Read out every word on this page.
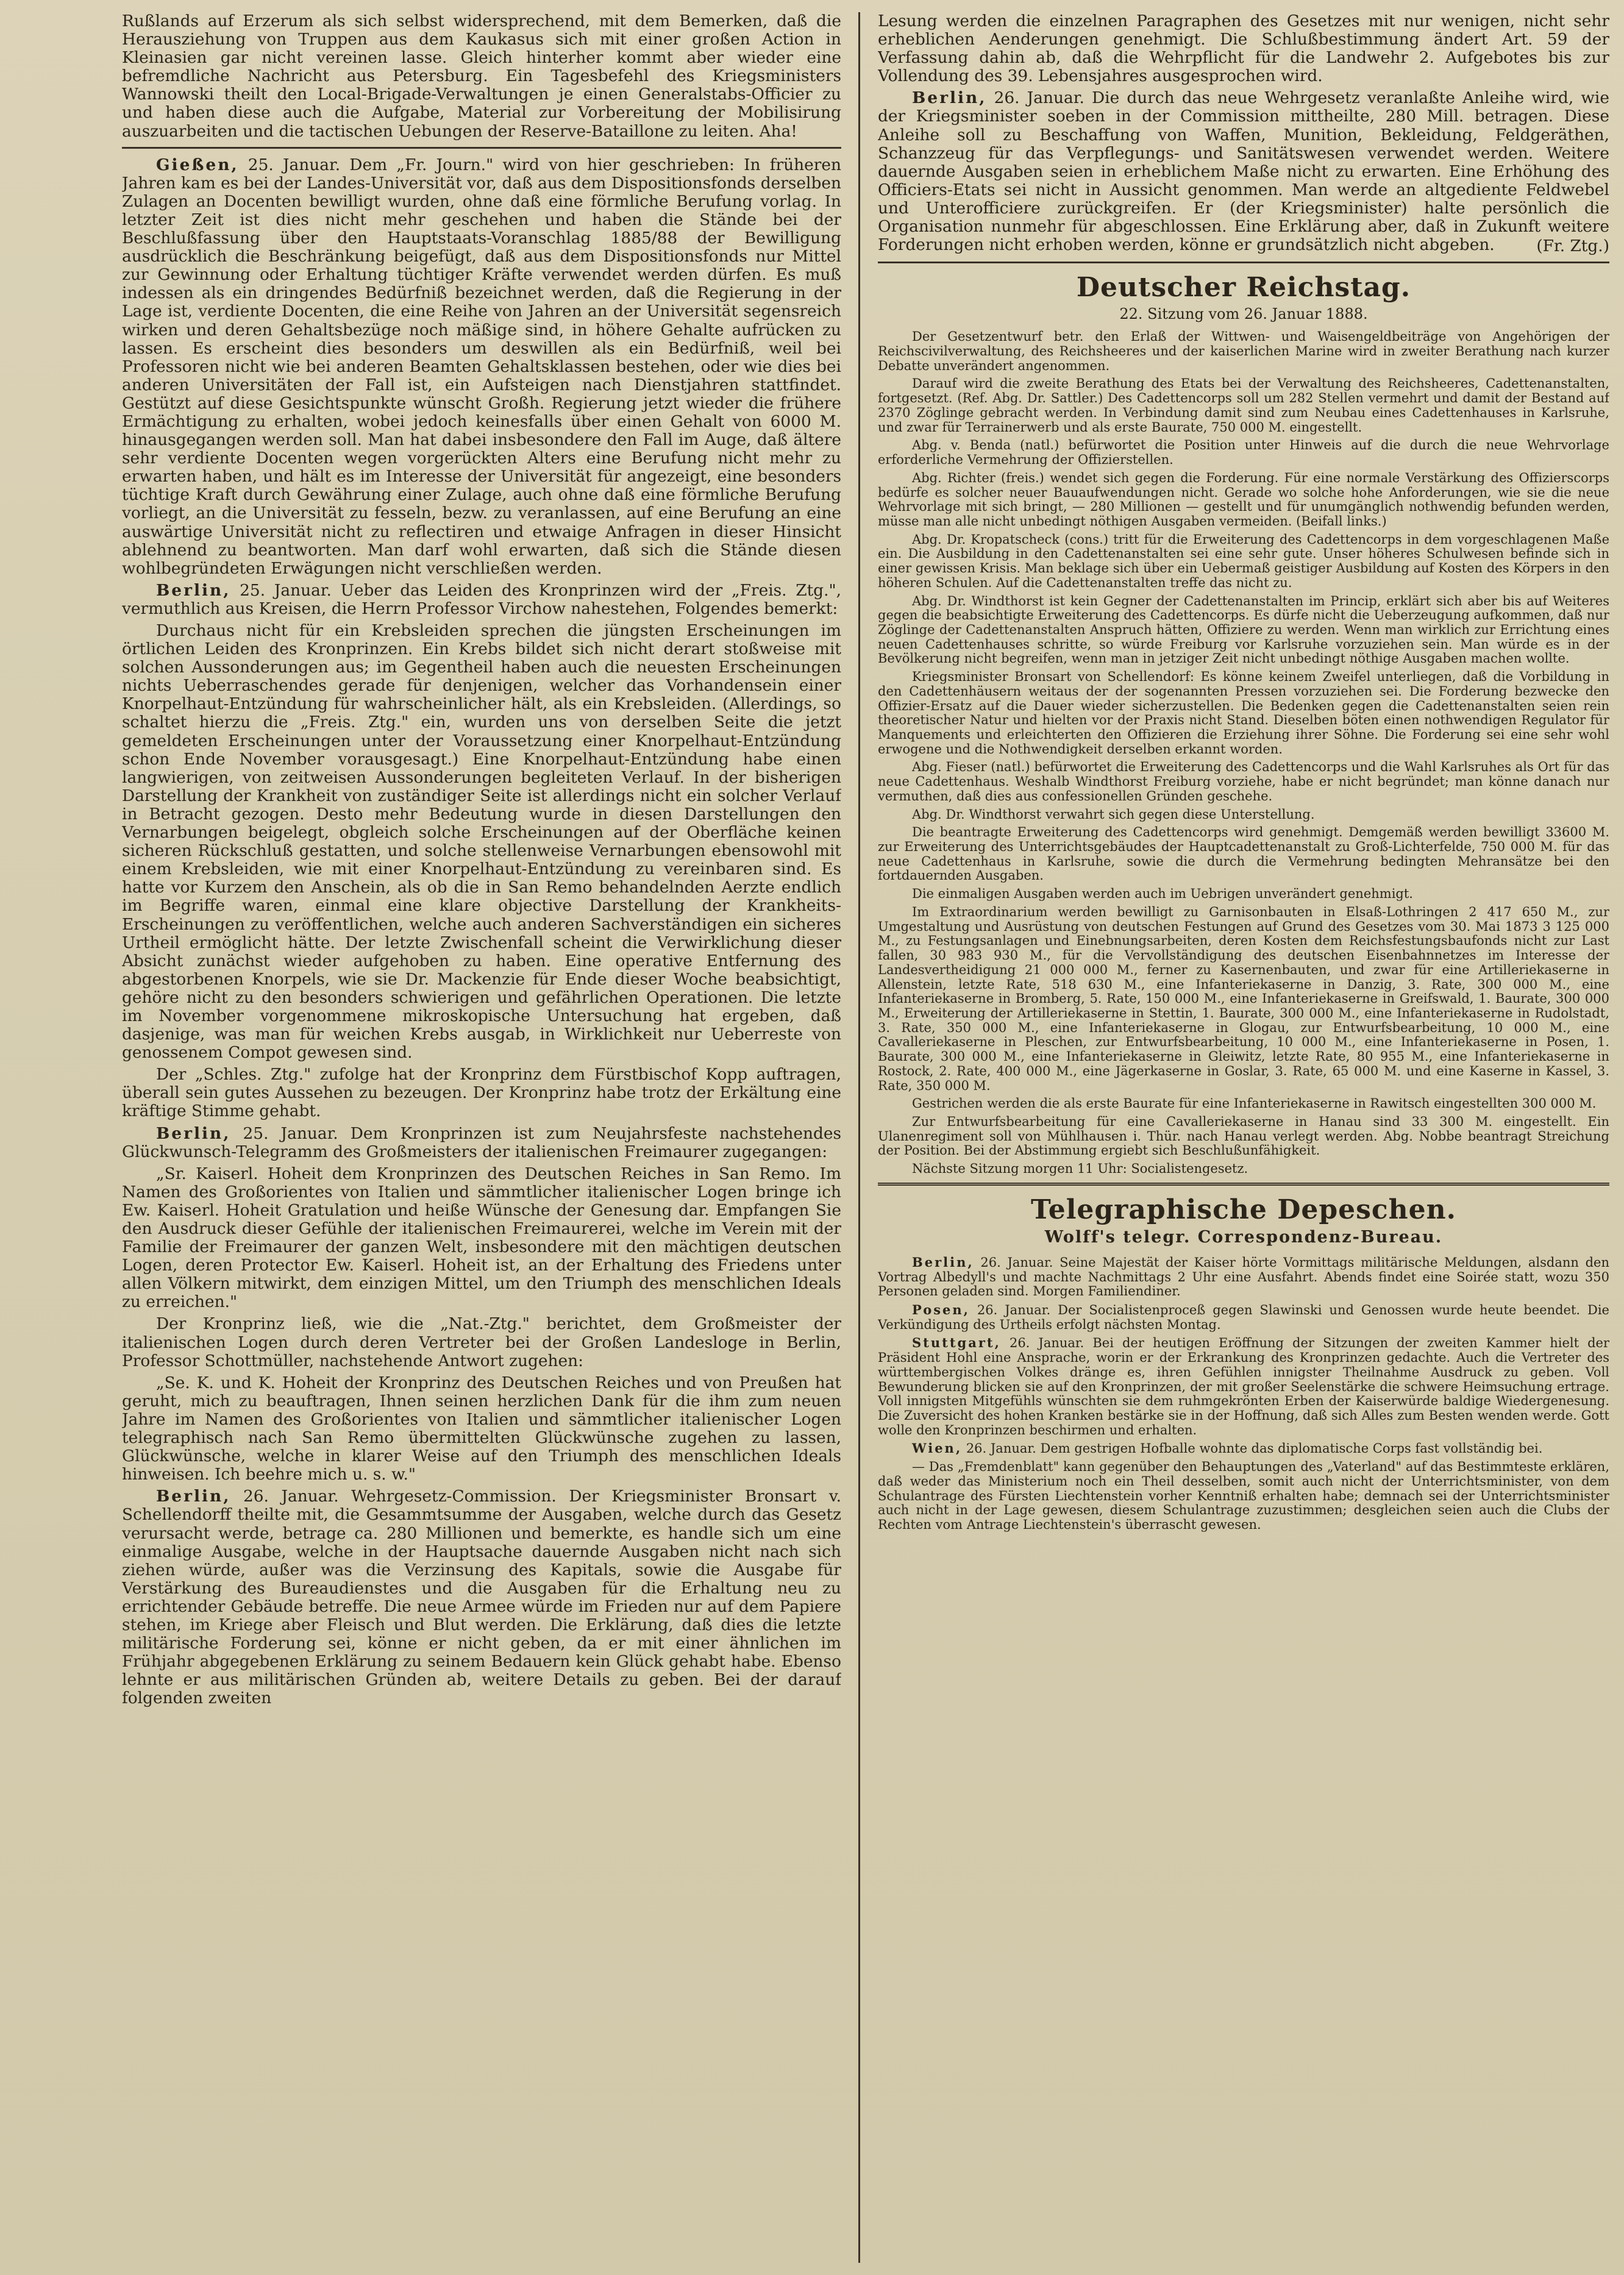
Rußlands auf Erzerum als sich selbst widersprechend, mit dem Bemerken, daß die Herausziehung von Truppen aus dem Kaukasus sich mit einer großen Action in Kleinasien gar nicht vereinen lasse. Gleich hinterher kommt aber wieder eine befremdliche Nachricht aus Petersburg. Ein Tagesbefehl des Kriegsministers Wannowski theilt den Local-Brigade-Verwaltungen je einen Generalstabs-Officier zu und haben diese auch die Aufgabe, Material zur Vorbereitung der Mobilisirung auszuarbeiten und die tactischen Uebungen der Reserve-Bataillone zu leiten. Aha!

Gießen, 25. Januar. Dem „Fr. Journ." wird von hier geschrieben: In früheren Jahren kam es bei der Landes-Universität vor, daß aus dem Dispositionsfonds derselben Zulagen an Docenten bewilligt wurden, ohne daß eine förmliche Berufung vorlag. In letzter Zeit ist dies nicht mehr geschehen und haben die Stände bei der Beschlußfassung über den Hauptstaats-Voranschlag 1885/88 der Bewilligung ausdrücklich die Beschränkung beigefügt, daß aus dem Dispositionsfonds nur Mittel zur Gewinnung oder Erhaltung tüchtiger Kräfte verwendet werden dürfen. Es muß indessen als ein dringendes Bedürfniß bezeichnet werden, daß die Regierung in der Lage ist, verdiente Docenten, die eine Reihe von Jahren an der Universität segensreich wirken und deren Gehaltsbezüge noch mäßige sind, in höhere Gehalte aufrücken zu lassen. Es erscheint dies besonders um deswillen als ein Bedürfniß, weil bei Professoren nicht wie bei anderen Beamten Gehaltsklassen bestehen, oder wie dies bei anderen Universitäten der Fall ist, ein Aufsteigen nach Dienstjahren stattfindet. Gestützt auf diese Gesichtspunkte wünscht Großh. Regierung jetzt wieder die frühere Ermächtigung zu erhalten, wobei jedoch keinesfalls über einen Gehalt von 6000 M. hinausgegangen werden soll. Man hat dabei insbesondere den Fall im Auge, daß ältere sehr verdiente Docenten wegen vorgerückten Alters eine Berufung nicht mehr zu erwarten haben, und hält es im Interesse der Universität für angezeigt, eine besonders tüchtige Kraft durch Gewährung einer Zulage, auch ohne daß eine förmliche Berufung vorliegt, an die Universität zu fesseln, bezw. zu veranlassen, auf eine Berufung an eine auswärtige Universität nicht zu reflectiren und etwaige Anfragen in dieser Hinsicht ablehnend zu beantworten. Man darf wohl erwarten, daß sich die Stände diesen wohlbegründeten Erwägungen nicht verschließen werden.

Berlin, 25. Januar. Ueber das Leiden des Kronprinzen wird der „Freis. Ztg.", vermuthlich aus Kreisen, die Herrn Professor Virchow nahestehen, Folgendes bemerkt:

Durchaus nicht für ein Krebsleiden sprechen die jüngsten Erscheinungen im örtlichen Leiden des Kronprinzen. Ein Krebs bildet sich nicht derart stoßweise mit solchen Aussonderungen aus; im Gegentheil haben auch die neuesten Erscheinungen nichts Ueberraschendes gerade für denjenigen, welcher das Vorhandensein einer Knorpelhaut-Entzündung für wahrscheinlicher hält, als ein Krebsleiden. (Allerdings, so schaltet hierzu die „Freis. Ztg." ein, wurden uns von derselben Seite die jetzt gemeldeten Erscheinungen unter der Voraussetzung einer Knorpelhaut-Entzündung schon Ende November vorausgesagt.) Eine Knorpelhaut-Entzündung habe einen langwierigen, von zeitweisen Aussonderungen begleiteten Verlauf. In der bisherigen Darstellung der Krankheit von zuständiger Seite ist allerdings nicht ein solcher Verlauf in Betracht gezogen. Desto mehr Bedeutung wurde in diesen Darstellungen den Vernarbungen beigelegt, obgleich solche Erscheinungen auf der Oberfläche keinen sicheren Rückschluß gestatten, und solche stellenweise Vernarbungen ebensowohl mit einem Krebsleiden, wie mit einer Knorpelhaut-Entzündung zu vereinbaren sind. Es hatte vor Kurzem den Anschein, als ob die in San Remo behandelnden Aerzte endlich im Begriffe waren, einmal eine klare objective Darstellung der Krankheits-Erscheinungen zu veröffentlichen, welche auch anderen Sachverständigen ein sicheres Urtheil ermöglicht hätte. Der letzte Zwischenfall scheint die Verwirklichung dieser Absicht zunächst wieder aufgehoben zu haben. Eine operative Entfernung des abgestorbenen Knorpels, wie sie Dr. Mackenzie für Ende dieser Woche beabsichtigt, gehöre nicht zu den besonders schwierigen und gefährlichen Operationen. Die letzte im November vorgenommene mikroskopische Untersuchung hat ergeben, daß dasjenige, was man für weichen Krebs ausgab, in Wirklichkeit nur Ueberreste von genossenem Compot gewesen sind.

Der „Schles. Ztg." zufolge hat der Kronprinz dem Fürstbischof Kopp auftragen, überall sein gutes Aussehen zu bezeugen. Der Kronprinz habe trotz der Erkältung eine kräftige Stimme gehabt.

Berlin, 25. Januar. Dem Kronprinzen ist zum Neujahrsfeste nachstehendes Glückwunsch-Telegramm des Großmeisters der italienischen Freimaurer zugegangen:

„Sr. Kaiserl. Hoheit dem Kronprinzen des Deutschen Reiches in San Remo. Im Namen des Großorientes von Italien und sämmtlicher italienischer Logen bringe ich Ew. Kaiserl. Hoheit Gratulation und heiße Wünsche der Genesung dar. Empfangen Sie den Ausdruck dieser Gefühle der italienischen Freimaurerei, welche im Verein mit der Familie der Freimaurer der ganzen Welt, insbesondere mit den mächtigen deutschen Logen, deren Protector Ew. Kaiserl. Hoheit ist, an der Erhaltung des Friedens unter allen Völkern mitwirkt, dem einzigen Mittel, um den Triumph des menschlichen Ideals zu erreichen."

Der Kronprinz ließ, wie die „Nat.-Ztg." berichtet, dem Großmeister der italienischen Logen durch deren Vertreter bei der Großen Landesloge in Berlin, Professor Schottmüller, nachstehende Antwort zugehen:

„Se. K. und K. Hoheit der Kronprinz des Deutschen Reiches und von Preußen hat geruht, mich zu beauftragen, Ihnen seinen herzlichen Dank für die ihm zum neuen Jahre im Namen des Großorientes von Italien und sämmtlicher italienischer Logen telegraphisch nach San Remo übermittelten Glückwünsche zugehen zu lassen, Glückwünsche, welche in klarer Weise auf den Triumph des menschlichen Ideals hinweisen. Ich beehre mich u. s. w."

Berlin, 26. Januar. Wehrgesetz-Commission. Der Kriegsminister Bronsart v. Schellendorff theilte mit, die Gesammtsumme der Ausgaben, welche durch das Gesetz verursacht werde, betrage ca. 280 Millionen und bemerkte, es handle sich um eine einmalige Ausgabe, welche in der Hauptsache dauernde Ausgaben nicht nach sich ziehen würde, außer was die Verzinsung des Kapitals, sowie die Ausgabe für Verstärkung des Bureaudienstes und die Ausgaben für die Erhaltung neu zu errichtender Gebäude betreffe. Die neue Armee würde im Frieden nur auf dem Papiere stehen, im Kriege aber Fleisch und Blut werden. Die Erklärung, daß dies die letzte militärische Forderung sei, könne er nicht geben, da er mit einer ähnlichen im Frühjahr abgegebenen Erklärung zu seinem Bedauern kein Glück gehabt habe. Ebenso lehnte er aus militärischen Gründen ab, weitere Details zu geben. Bei der darauf folgenden zweiten

Lesung werden die einzelnen Paragraphen des Gesetzes mit nur wenigen, nicht sehr erheblichen Aenderungen genehmigt. Die Schlußbestimmung ändert Art. 59 der Verfassung dahin ab, daß die Wehrpflicht für die Landwehr 2. Aufgebotes bis zur Vollendung des 39. Lebensjahres ausgesprochen wird.

Berlin, 26. Januar. Die durch das neue Wehrgesetz veranlaßte Anleihe wird, wie der Kriegsminister soeben in der Commission mittheilte, 280 Mill. betragen. Diese Anleihe soll zu Beschaffung von Waffen, Munition, Bekleidung, Feldgeräthen, Schanzzeug für das Verpflegungs- und Sanitätswesen verwendet werden. Weitere dauernde Ausgaben seien in erheblichem Maße nicht zu erwarten. Eine Erhöhung des Officiers-Etats sei nicht in Aussicht genommen. Man werde an altgediente Feldwebel und Unterofficiere zurückgreifen. Er (der Kriegsminister) halte persönlich die Organisation nunmehr für abgeschlossen. Eine Erklärung aber, daß in Zukunft weitere Forderungen nicht erhoben werden, könne er grundsätzlich nicht abgeben.	(Fr. Ztg.)

Deutscher Reichstag.
22. Sitzung vom 26. Januar 1888.

Der Gesetzentwurf betr. den Erlaß der Wittwen- und Waisengeldbeiträge von Angehörigen der Reichscivilverwaltung, des Reichsheeres und der kaiserlichen Marine wird in zweiter Berathung nach kurzer Debatte unverändert angenommen.

Darauf wird die zweite Berathung des Etats bei der Verwaltung des Reichsheeres, Cadettenanstalten, fortgesetzt. (Ref. Abg. Dr. Sattler.) Des Cadettencorps soll um 282 Stellen vermehrt und damit der Bestand auf 2370 Zöglinge gebracht werden. In Verbindung damit sind zum Neubau eines Cadettenhauses in Karlsruhe, und zwar für Terrainerwerb und als erste Baurate, 750 000 M. eingestellt.

Abg. v. Benda (natl.) befürwortet die Position unter Hinweis auf die durch die neue Wehrvorlage erforderliche Vermehrung der Offizierstellen.

Abg. Richter (freis.) wendet sich gegen die Forderung. Für eine normale Verstärkung des Offizierscorps bedürfe es solcher neuer Bauaufwendungen nicht. Gerade wo solche hohe Anforderungen, wie sie die neue Wehrvorlage mit sich bringt, — 280 Millionen — gestellt und für unumgänglich nothwendig befunden werden, müsse man alle nicht unbedingt nöthigen Ausgaben vermeiden. (Beifall links.)

Abg. Dr. Kropatscheck (cons.) tritt für die Erweiterung des Cadettencorps in dem vorgeschlagenen Maße ein. Die Ausbildung in den Cadettenanstalten sei eine sehr gute. Unser höheres Schulwesen befinde sich in einer gewissen Krisis. Man beklage sich über ein Uebermaß geistiger Ausbildung auf Kosten des Körpers in den höheren Schulen. Auf die Cadettenanstalten treffe das nicht zu.

Abg. Dr. Windthorst ist kein Gegner der Cadettenanstalten im Princip, erklärt sich aber bis auf Weiteres gegen die beabsichtigte Erweiterung des Cadettencorps. Es dürfe nicht die Ueberzeugung aufkommen, daß nur Zöglinge der Cadettenanstalten Anspruch hätten, Offiziere zu werden. Wenn man wirklich zur Errichtung eines neuen Cadettenhauses schritte, so würde Freiburg vor Karlsruhe vorzuziehen sein. Man würde es in der Bevölkerung nicht begreifen, wenn man in jetziger Zeit nicht unbedingt nöthige Ausgaben machen wollte.

Kriegsminister Bronsart von Schellendorf: Es könne keinem Zweifel unterliegen, daß die Vorbildung in den Cadettenhäusern weitaus der der sogenannten Pressen vorzuziehen sei. Die Forderung bezwecke den Offizier-Ersatz auf die Dauer wieder sicherzustellen. Die Bedenken gegen die Cadettenanstalten seien rein theoretischer Natur und hielten vor der Praxis nicht Stand. Dieselben böten einen nothwendigen Regulator für Manquements und erleichterten den Offizieren die Erziehung ihrer Söhne. Die Forderung sei eine sehr wohl erwogene und die Nothwendigkeit derselben erkannt worden.

Abg. Fieser (natl.) befürwortet die Erweiterung des Cadettencorps und die Wahl Karlsruhes als Ort für das neue Cadettenhaus. Weshalb Windthorst Freiburg vorziehe, habe er nicht begründet; man könne danach nur vermuthen, daß dies aus confessionellen Gründen geschehe.

Abg. Dr. Windthorst verwahrt sich gegen diese Unterstellung.

Die beantragte Erweiterung des Cadettencorps wird genehmigt. Demgemäß werden bewilligt 33600 M. zur Erweiterung des Unterrichtsgebäudes der Hauptcadettenanstalt zu Groß-Lichterfelde, 750 000 M. für das neue Cadettenhaus in Karlsruhe, sowie die durch die Vermehrung bedingten Mehransätze bei den fortdauernden Ausgaben.

Die einmaligen Ausgaben werden auch im Uebrigen unverändert genehmigt.

Im Extraordinarium werden bewilligt zu Garnisonbauten in Elsaß-Lothringen 2 417 650 M., zur Umgestaltung und Ausrüstung von deutschen Festungen auf Grund des Gesetzes vom 30. Mai 1873 3 125 000 M., zu Festungsanlagen und Einebnungsarbeiten, deren Kosten dem Reichsfestungsbaufonds nicht zur Last fallen, 30 983 930 M., für die Vervollständigung des deutschen Eisenbahnnetzes im Interesse der Landesvertheidigung 21 000 000 M., ferner zu Kasernenbauten, und zwar für eine Artilleriekaserne in Allenstein, letzte Rate, 518 630 M., eine Infanteriekaserne in Danzig, 3. Rate, 300 000 M., eine Infanteriekaserne in Bromberg, 5. Rate, 150 000 M., eine Infanteriekaserne in Greifswald, 1. Baurate, 300 000 M., Erweiterung der Artilleriekaserne in Stettin, 1. Baurate, 300 000 M., eine Infanteriekaserne in Rudolstadt, 3. Rate, 350 000 M., eine Infanteriekaserne in Glogau, zur Entwurfsbearbeitung, 10 000 M., eine Cavalleriekaserne in Pleschen, zur Entwurfsbearbeitung, 10 000 M., eine Infanteriekaserne in Posen, 1. Baurate, 300 000 M., eine Infanteriekaserne in Gleiwitz, letzte Rate, 80 955 M., eine Infanteriekaserne in Rostock, 2. Rate, 400 000 M., eine Jägerkaserne in Goslar, 3. Rate, 65 000 M. und eine Kaserne in Kassel, 3. Rate, 350 000 M.

Gestrichen werden die als erste Baurate für eine Infanteriekaserne in Rawitsch eingestellten 300 000 M.

Zur Entwurfsbearbeitung für eine Cavalleriekaserne in Hanau sind 33 300 M. eingestellt. Ein Ulanenregiment soll von Mühlhausen i. Thür. nach Hanau verlegt werden. Abg. Nobbe beantragt Streichung der Position. Bei der Abstimmung ergiebt sich Beschlußunfähigkeit.

Nächste Sitzung morgen 11 Uhr: Socialistengesetz.

Telegraphische Depeschen.
Wolff's telegr. Correspondenz-Bureau.

Berlin, 26. Januar. Seine Majestät der Kaiser hörte Vormittags militärische Meldungen, alsdann den Vortrag Albedyll's und machte Nachmittags 2 Uhr eine Ausfahrt. Abends findet eine Soirée statt, wozu 350 Personen geladen sind. Morgen Familiendiner.

Posen, 26. Januar. Der Socialistenproceß gegen Slawinski und Genossen wurde heute beendet. Die Verkündigung des Urtheils erfolgt nächsten Montag.

Stuttgart, 26. Januar. Bei der heutigen Eröffnung der Sitzungen der zweiten Kammer hielt der Präsident Hohl eine Ansprache, worin er der Erkrankung des Kronprinzen gedachte. Auch die Vertreter des württembergischen Volkes dränge es, ihren Gefühlen innigster Theilnahme Ausdruck zu geben. Voll Bewunderung blicken sie auf den Kronprinzen, der mit großer Seelenstärke die schwere Heimsuchung ertrage. Voll innigsten Mitgefühls wünschten sie dem ruhmgekrönten Erben der Kaiserwürde baldige Wiedergenesung. Die Zuversicht des hohen Kranken bestärke sie in der Hoffnung, daß sich Alles zum Besten wenden werde. Gott wolle den Kronprinzen beschirmen und erhalten.

Wien, 26. Januar. Dem gestrigen Hofballe wohnte das diplomatische Corps fast vollständig bei.

— Das „Fremdenblatt" kann gegenüber den Behauptungen des „Vaterland" auf das Bestimmteste erklären, daß weder das Ministerium noch ein Theil desselben, somit auch nicht der Unterrichtsminister, von dem Schulantrage des Fürsten Liechtenstein vorher Kenntniß erhalten habe; demnach sei der Unterrichtsminister auch nicht in der Lage gewesen, diesem Schulantrage zuzustimmen; desgleichen seien auch die Clubs der Rechten vom Antrage Liechtenstein's überrascht gewesen.
